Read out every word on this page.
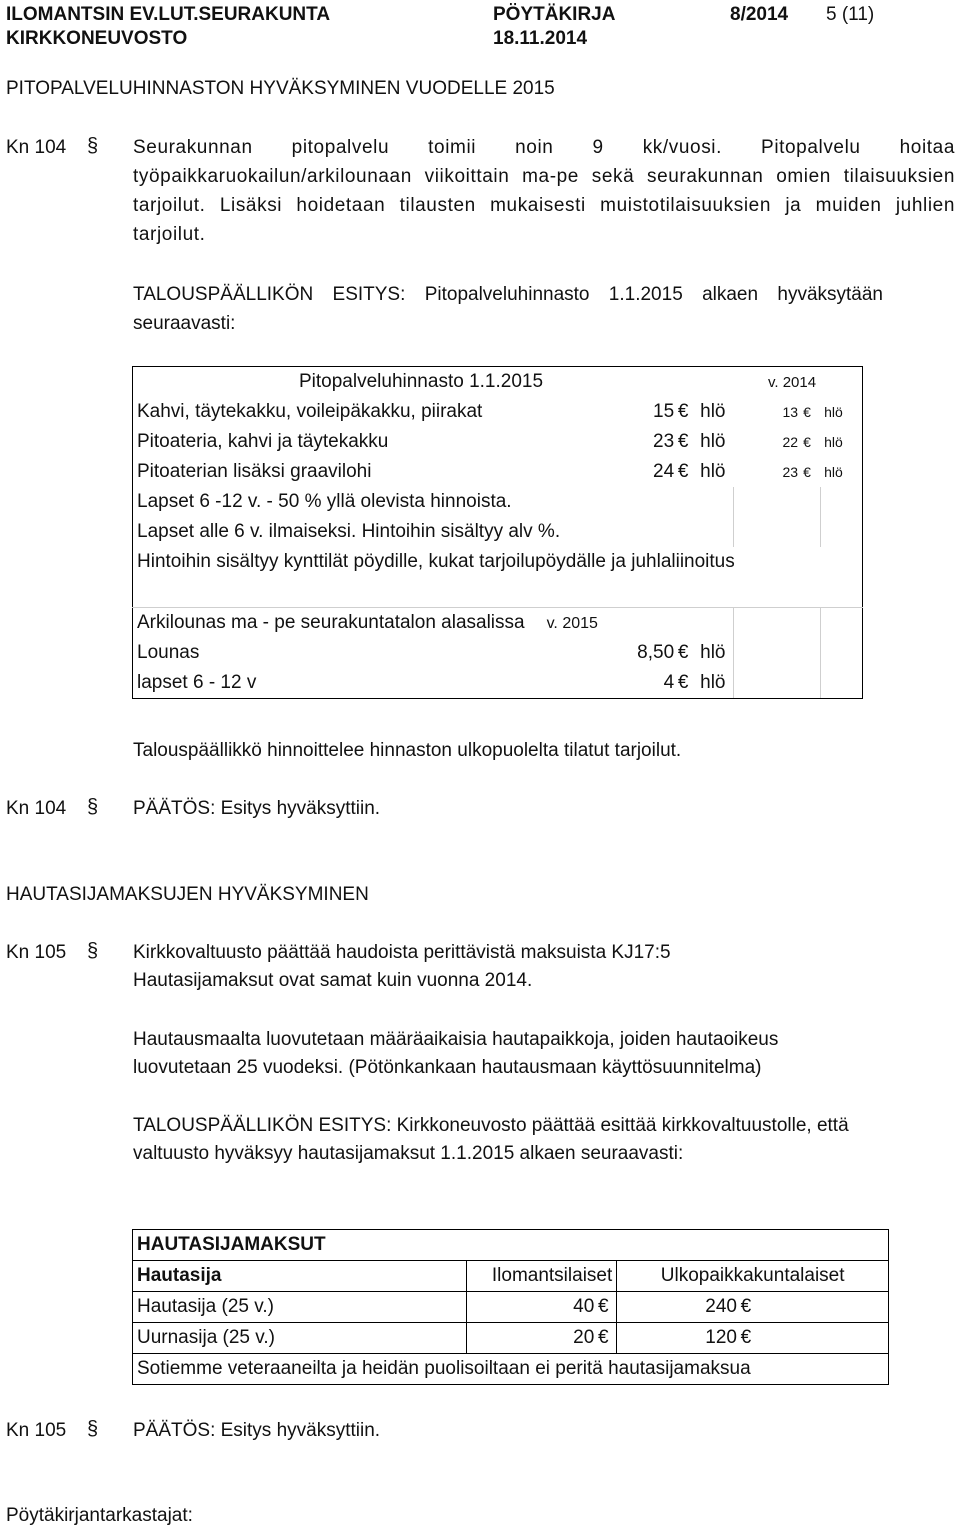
ILOMANTSIN EV.LUT.SEURAKUNTA
KIRKKONEUVOSTO
PÖYTÄKIRJA
18.11.2014
8/2014 5 (11)
PITOPALVELUHINNASTON HYVÄKSYMINEN VUODELLE 2015
Kn 104 § Seurakunnan pitopalvelu toimii noin 9 kk/vuosi. Pitopalvelu hoitaa työpaikkaruokailun/arkilounaan viikoittain ma-pe sekä seurakunnan omien tilaisuuksien tarjoilut. Lisäksi hoidetaan tilausten mukaisesti muistotilaisuuksien ja muiden juhlien tarjoilut.
TALOUSPÄÄLLIKÖN ESITYS: Pitopalveluhinnasto 1.1.2015 alkaen hyväksytään seuraavasti:
Pitopalveluhinnasto 1.1.2015			v. 2014	
Kahvi, täytekakku, voileipäkakku, piirakat	15 €	hlö	13 €	hlö
Pitoateria, kahvi ja täytekakku	23 €	hlö	22 €	hlö
Pitoaterian lisäksi graavilohi	24 €	hlö	23 €	hlö
Lapset 6 -12 v. - 50 % yllä olevista hinnoista.				
Lapset alle 6 v. ilmaiseksi. Hintoihin sisältyy alv %.				
Hintoihin sisältyy kynttilät pöydille, kukat tarjoilupöydälle ja juhlaliinoitus				

Arkilounas ma - pe seurakuntatalon alasalissa v. 2015				
Lounas	8,50 €	hlö		
lapset 6 - 12 v	4 €	hlö		
Talouspäällikkö hinnoittelee hinnaston ulkopuolelta tilatut tarjoilut.
Kn 104 § PÄÄTÖS: Esitys hyväksyttiin.
HAUTASIJAMAKSUJEN HYVÄKSYMINEN
Kn 105 § Kirkkovaltuusto päättää haudoista perittävistä maksuista KJ17:5
Hautasijamaksut ovat samat kuin vuonna 2014.
Hautausmaalta luovutetaan määräaikaisia hautapaikkoja, joiden hautaoikeus
luovutetaan 25 vuodeksi. (Pötönkankaan hautausmaan käyttösuunnitelma)
TALOUSPÄÄLLIKÖN ESITYS: Kirkkoneuvosto päättää esittää kirkkovaltuustolle, että
valtuusto hyväksyy hautasijamaksut 1.1.2015 alkaen seuraavasti:
HAUTASIJAMAKSUT		
Hautasija	Ilomantsilaiset	Ulkopaikkakuntalaiset
Hautasija (25 v.)	40 €	240 €
Uurnasija (25 v.)	20 €	120 €
Sotiemme veteraaneilta ja heidän puolisoiltaan ei peritä hautasijamaksua		
Kn 105 § PÄÄTÖS: Esitys hyväksyttiin.
Pöytäkirjantarkastajat:
